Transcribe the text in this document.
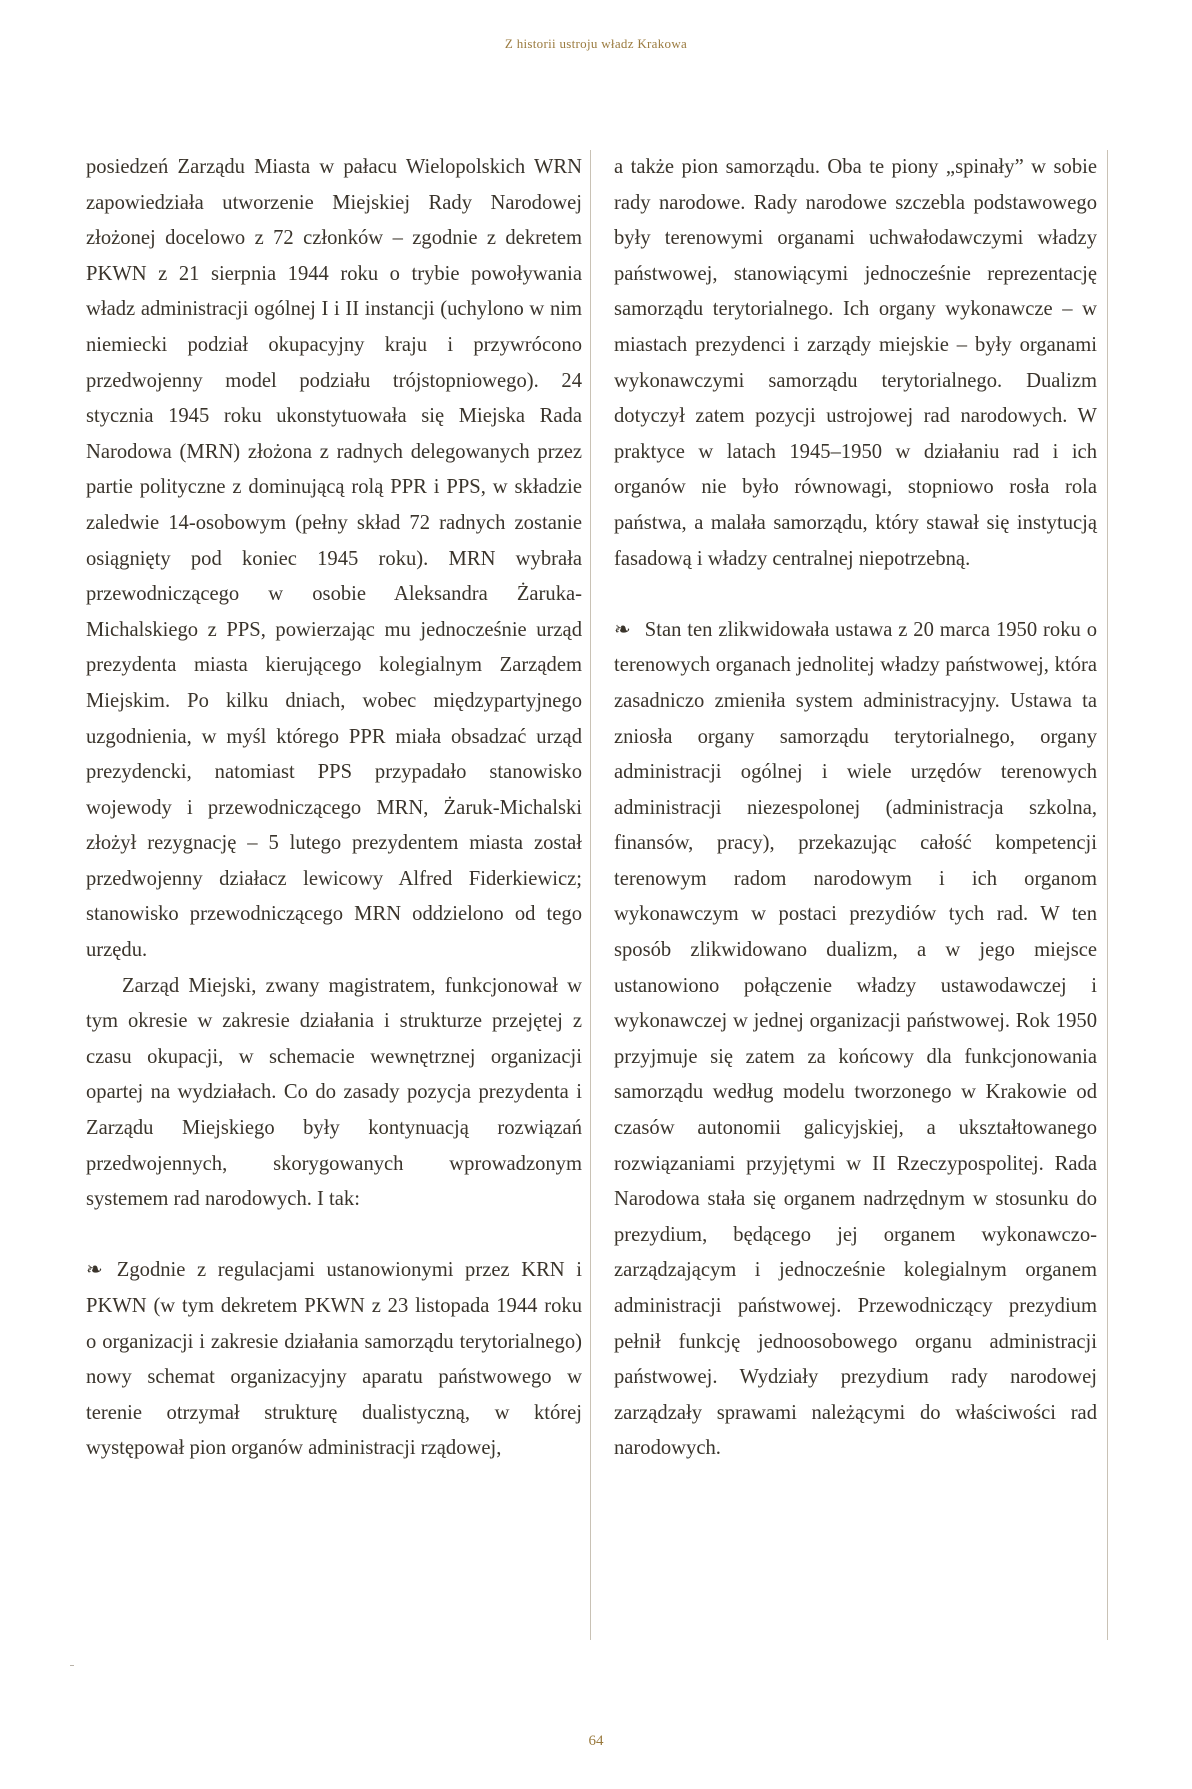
Z historii ustroju władz Krakowa

posiedzeń Zarządu Miasta w pałacu Wielopolskich WRN zapowiedziała utworzenie Miejskiej Rady Narodowej złożonej docelowo z 72 członków – zgodnie z dekretem PKWN z 21 sierpnia 1944 roku o trybie powoływania władz administracji ogólnej I i II instancji (uchylono w nim niemiecki podział okupacyjny kraju i przywrócono przedwojenny model podziału trójstopniowego). 24 stycznia 1945 roku ukonstytuowała się Miejska Rada Narodowa (MRN) złożona z radnych delegowanych przez partie polityczne z dominującą rolą PPR i PPS, w składzie zaledwie 14-osobowym (pełny skład 72 radnych zostanie osiągnięty pod koniec 1945 roku). MRN wybrała przewodniczącego w osobie Aleksandra Żaruka-Michalskiego z PPS, powierzając mu jednocześnie urząd prezydenta miasta kierującego kolegialnym Zarządem Miejskim. Po kilku dniach, wobec międzypartyjnego uzgodnienia, w myśl którego PPR miała obsadzać urząd prezydencki, natomiast PPS przypadało stanowisko wojewody i przewodniczącego MRN, Żaruk-Michalski złożył rezygnację – 5 lutego prezydentem miasta został przedwojenny działacz lewicowy Alfred Fiderkiewicz; stanowisko przewodniczącego MRN oddzielono od tego urzędu.

Zarząd Miejski, zwany magistratem, funkcjonował w tym okresie w zakresie działania i strukturze przejętej z czasu okupacji, w schemacie wewnętrznej organizacji opartej na wydziałach. Co do zasady pozycja prezydenta i Zarządu Miejskiego były kontynuacją rozwiązań przedwojennych, skorygowanych wprowadzonym systemem rad narodowych. I tak:

❧ Zgodnie z regulacjami ustanowionymi przez KRN i PKWN (w tym dekretem PKWN z 23 listopada 1944 roku o organizacji i zakresie działania samorządu terytorialnego) nowy schemat organizacyjny aparatu państwowego w terenie otrzymał strukturę dualistyczną, w której występował pion organów administracji rządowej,

a także pion samorządu. Oba te piony „spinały” w sobie rady narodowe. Rady narodowe szczebla podstawowego były terenowymi organami uchwałodawczymi władzy państwowej, stanowiącymi jednocześnie reprezentację samorządu terytorialnego. Ich organy wykonawcze – w miastach prezydenci i zarządy miejskie – były organami wykonawczymi samorządu terytorialnego. Dualizm dotyczył zatem pozycji ustrojowej rad narodowych. W praktyce w latach 1945–1950 w działaniu rad i ich organów nie było równowagi, stopniowo rosła rola państwa, a malała samorządu, który stawał się instytucją fasadową i władzy centralnej niepotrzebną.

❧ Stan ten zlikwidowała ustawa z 20 marca 1950 roku o terenowych organach jednolitej władzy państwowej, która zasadniczo zmieniła system administracyjny. Ustawa ta zniosła organy samorządu terytorialnego, organy administracji ogólnej i wiele urzędów terenowych administracji niezespolonej (administracja szkolna, finansów, pracy), przekazując całość kompetencji terenowym radom narodowym i ich organom wykonawczym w postaci prezydiów tych rad. W ten sposób zlikwidowano dualizm, a w jego miejsce ustanowiono połączenie władzy ustawodawczej i wykonawczej w jednej organizacji państwowej. Rok 1950 przyjmuje się zatem za końcowy dla funkcjonowania samorządu według modelu tworzonego w Krakowie od czasów autonomii galicyjskiej, a ukształtowanego rozwiązaniami przyjętymi w II Rzeczypospolitej. Rada Narodowa stała się organem nadrzędnym w stosunku do prezydium, będącego jej organem wykonawczo-zarządzającym i jednocześnie kolegialnym organem administracji państwowej. Przewodniczący prezydium pełnił funkcję jednoosobowego organu administracji państwowej. Wydziały prezydium rady narodowej zarządzały sprawami należącymi do właściwości rad narodowych.

64
